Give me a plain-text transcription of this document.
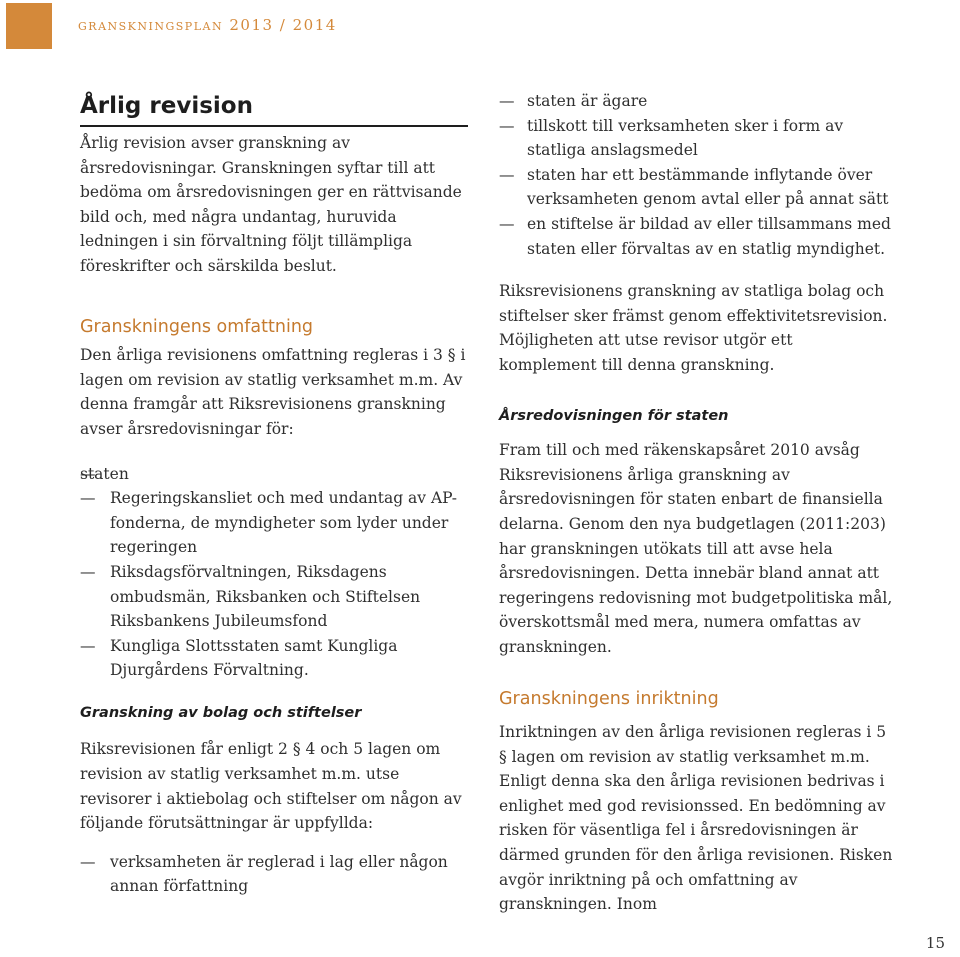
granskningsplan 2013 / 2014
Årlig revision

Årlig revision avser granskning av årsredovisningar. Granskningen syftar till att bedöma om årsredovisningen ger en rättvisande bild och, med några undantag, huruvida ledningen i sin förvaltning följt tillämpliga föreskrifter och särskilda beslut.

Granskningens omfattning

Den årliga revisionens omfattning regleras i 3 § i lagen om revision av statlig verksamhet m.m. Av denna framgår att Riksrevisionens granskning avser årsredovisningar för:

— staten
— Regeringskansliet och med undantag av AP-fonderna, de myndigheter som lyder under regeringen
— Riksdagsförvaltningen, Riksdagens ombudsmän, Riksbanken och Stiftelsen Riksbankens Jubileumsfond
— Kungliga Slottsstaten samt Kungliga Djurgårdens Förvaltning.
Granskning av bolag och stiftelser

Riksrevisionen får enligt 2 § 4 och 5 lagen om revision av statlig verksamhet m.m. utse revisorer i aktiebolag och stiftelser om någon av följande förutsättningar är uppfyllda:

— verksamheten är reglerad i lag eller någon annan författning
— staten är ägare
— tillskott till verksamheten sker i form av statliga anslagsmedel
— staten har ett bestämmande inflytande över verksamheten genom avtal eller på annat sätt
— en stiftelse är bildad av eller tillsammans med staten eller förvaltas av en statlig myndighet.

Riksrevisionens granskning av statliga bolag och stiftelser sker främst genom effektivitetsrevision. Möjligheten att utse revisor utgör ett komplement till denna granskning.

Årsredovisningen för staten

Fram till och med räkenskapsåret 2010 avsåg Riksrevisionens årliga granskning av årsredovisningen för staten enbart de finansiella delarna. Genom den nya budgetlagen (2011:203) har granskningen utökats till att avse hela årsredovisningen. Detta innebär bland annat att regeringens redovisning mot budgetpolitiska mål, överskottsmål med mera, numera omfattas av granskningen.

Granskningens inriktning

Inriktningen av den årliga revisionen regleras i 5 § lagen om revision av statlig verksamhet m.m. Enligt denna ska den årliga revisionen bedrivas i enlighet med god revisionssed. En bedömning av risken för väsentliga fel i årsredovisningen är därmed grunden för den årliga revisionen. Risken avgör inriktning på och omfattning av granskningen. Inom

15
